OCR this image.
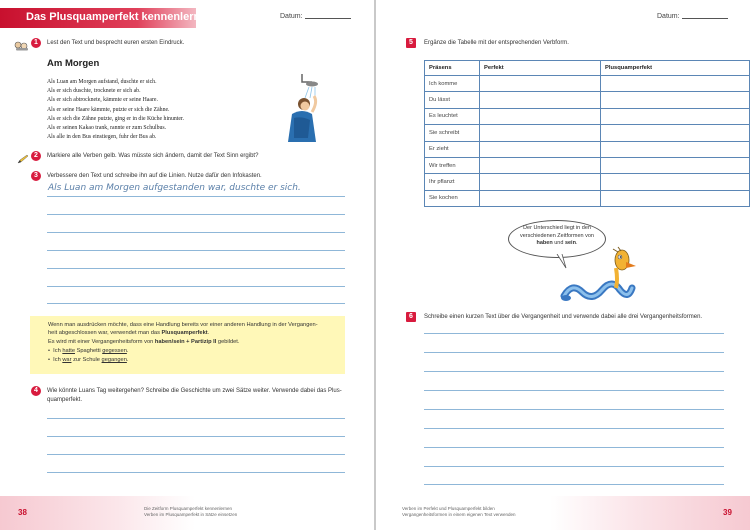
Das Plusquamperfekt kennenlernen	Datum:
1	Lest den Text und besprecht euren ersten Eindruck.
Am Morgen
Als Luan am Morgen aufstand, duschte er sich.
Als er sich duschte, trocknete er sich ab.
Als er sich abtrocknete, kämmte er seine Haare.
Als er seine Haare kämmte, putzte er sich die Zähne.
Als er sich die Zähne putzte, ging er in die Küche hinunter.
Als er seinen Kakao trank, rannte er zum Schulbus.
Als alle in den Bus einstiegen, fuhr der Bus ab.
2	Markiere alle Verben gelb. Was müsste sich ändern, damit der Text Sinn ergibt?
3	Verbessere den Text und schreibe ihn auf die Linien. Nutze dafür den Infokasten.
Als Luan am Morgen aufgestanden war, duschte er sich.
Wenn man ausdrücken möchte, dass eine Handlung bereits vor einer anderen Handlung in der Vergangen-
heit abgeschlossen war, verwendet man das Plusquamperfekt.
Es wird mit einer Vergangenheitsform von haben/sein + Partizip II gebildet.
•  Ich hatte Spaghetti gegessen.
•  Ich war zur Schule gegangen.
4	Wie könnte Luans Tag weitergehen? Schreibe die Geschichte um zwei Sätze weiter. Verwende dabei das Plus-
quamperfekt.
38	Die Zeitform Plusquamperfekt kennenlernen
Verben im Plusquamperfekt in Sätze einsetzen
Datum:
5	Ergänze die Tabelle mit der entsprechenden Verbform.
Präsens	Perfekt	Plusquamperfekt
Ich komme		
Du lässt		
Es leuchtet		
Sie schreibt		
Er zieht		
Wir treffen		
Ihr pflanzt		
Sie kochen		
Der Unterschied liegt in den
verschiedenen Zeitformen von
haben und sein.
6	Schreibe einen kurzen Text über die Vergangenheit und verwende dabei alle drei Vergangenheitsformen.
Verben im Perfekt und Plusquamperfekt bilden
Vergangenheitsformen in einem eigenen Text verwenden	39
